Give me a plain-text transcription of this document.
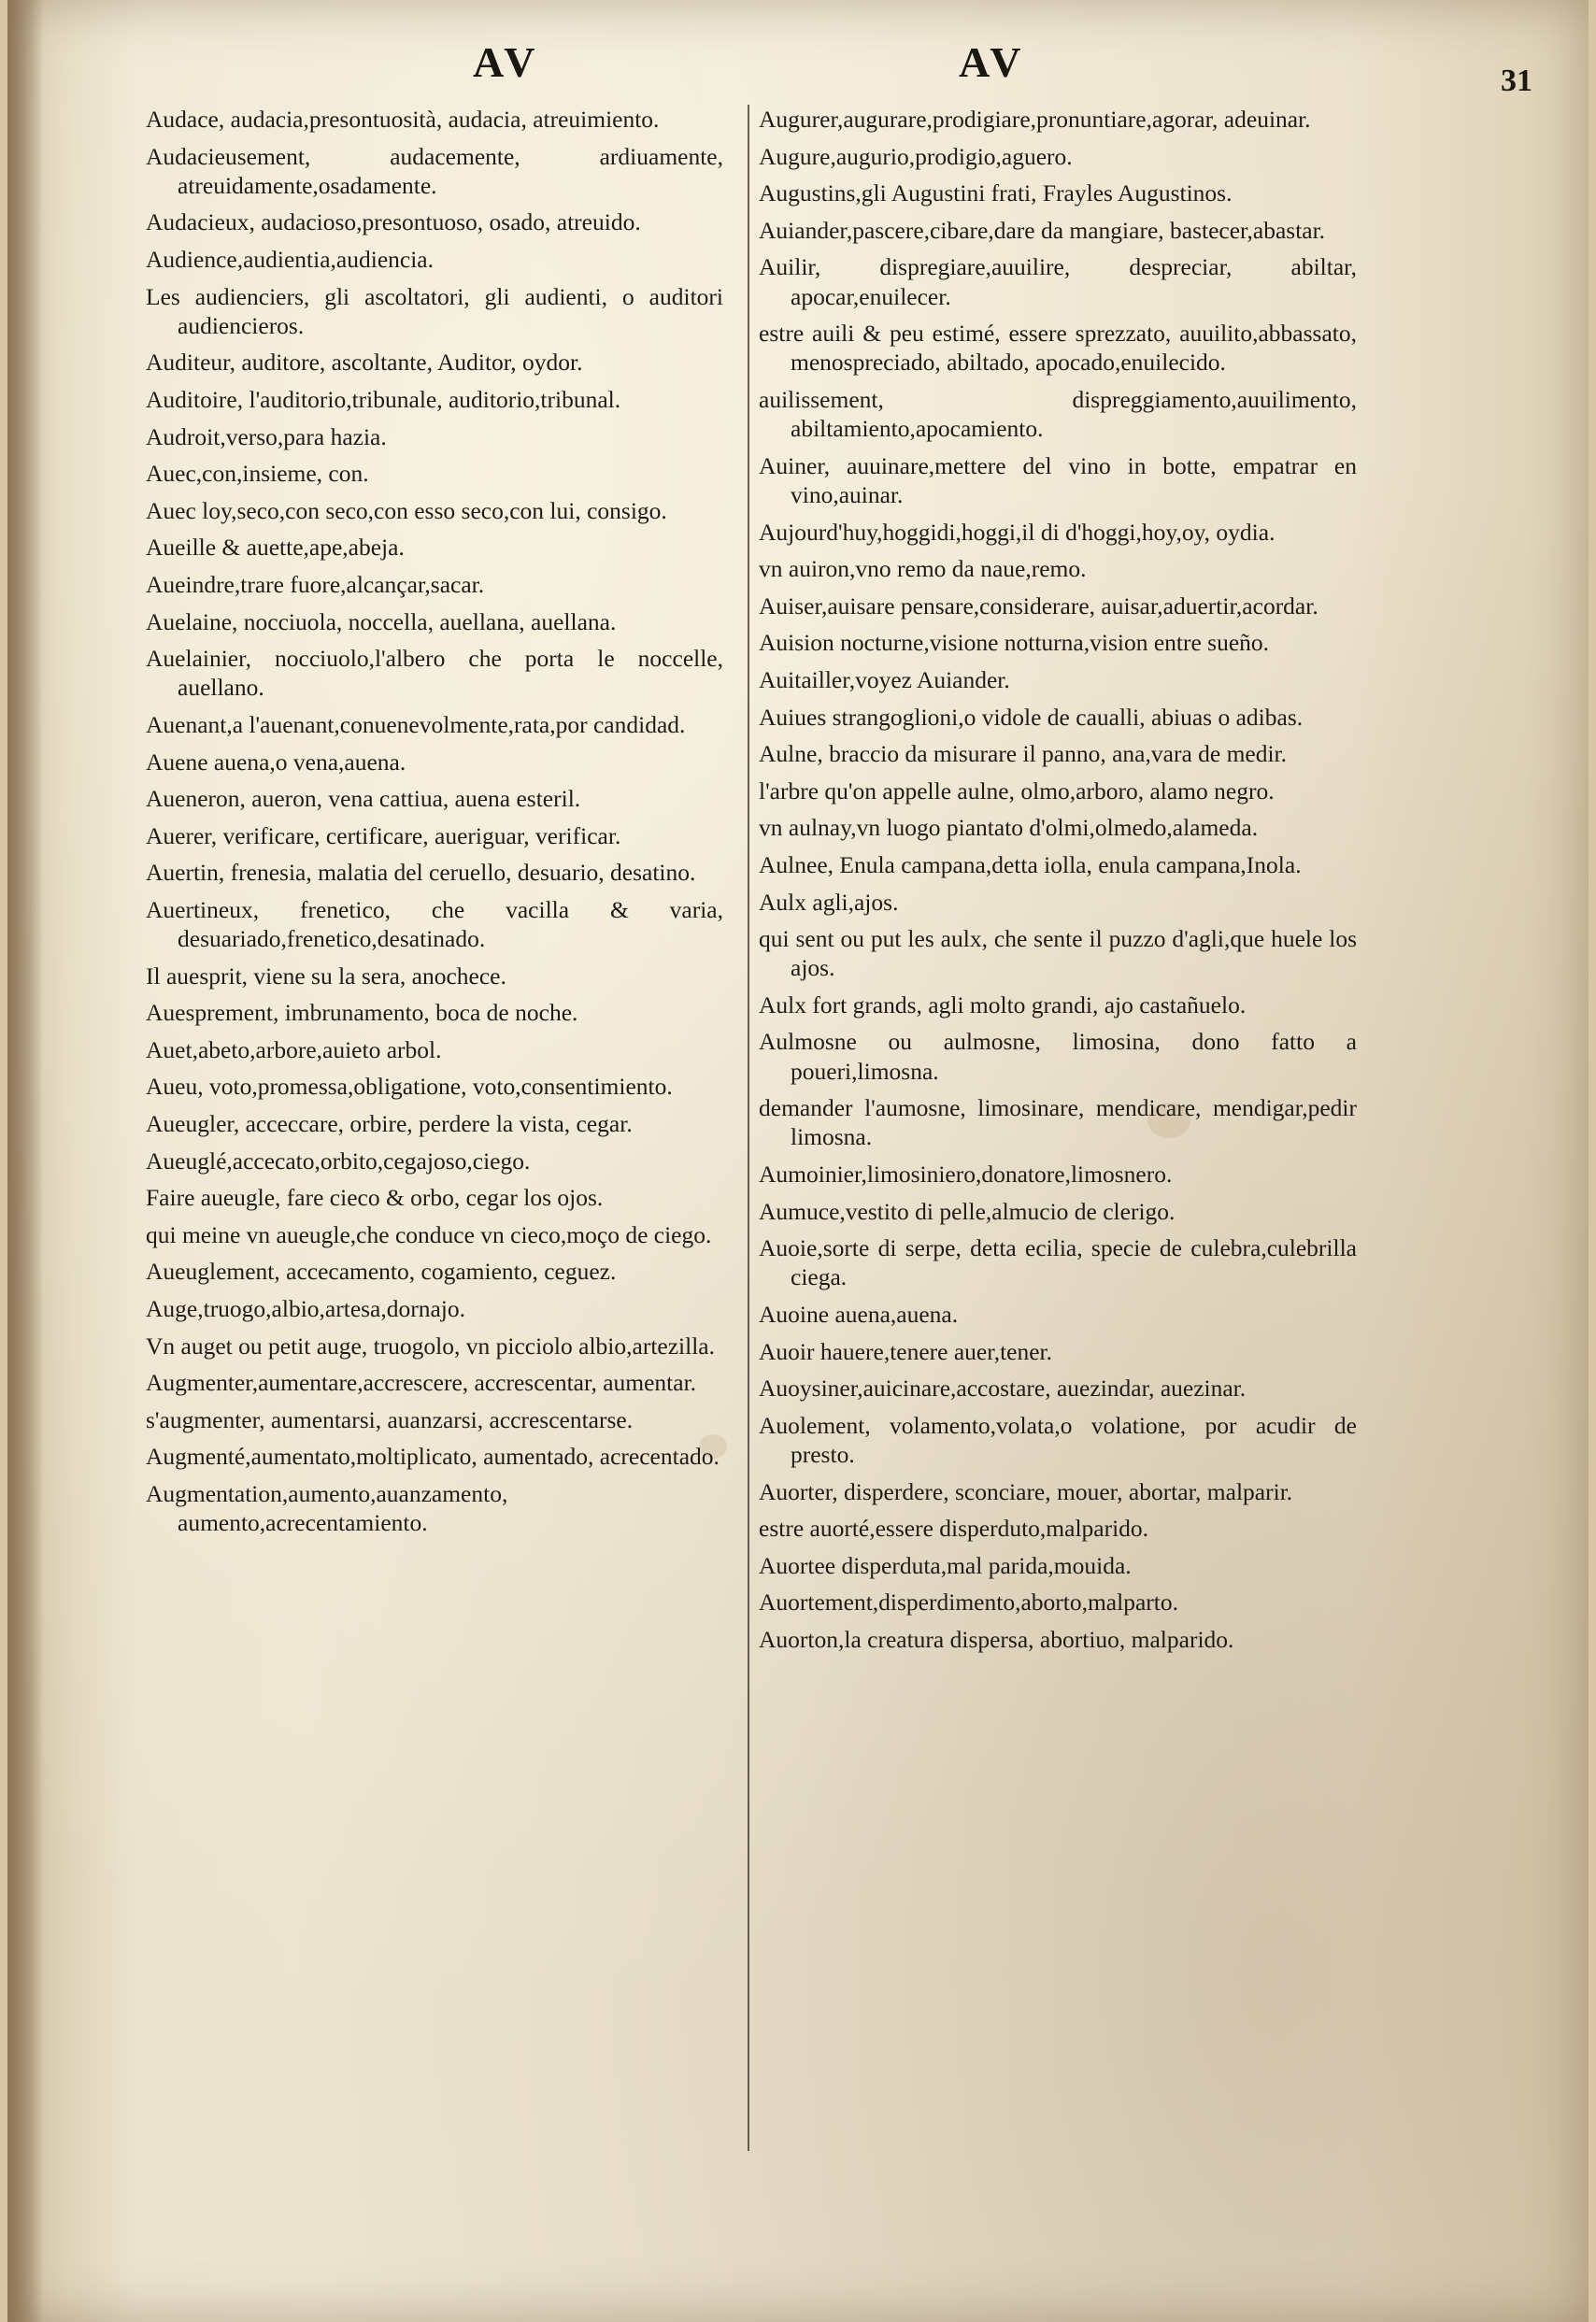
AV	AV	31

Audace, audacia,presontuosità, audacia, atreuimiento.

Audacieusement, audacemente, ardiuamente, atreuidamente,osadamente.

Audacieux, audacioso,presontuoso, osado, atreuido.

Audience,audientia,audiencia.

Les audienciers, gli ascoltatori, gli audienti, o auditori audiencieros.

Auditeur, auditore, ascoltante, Auditor, oydor.

Auditoire, l'auditorio,tribunale, auditorio,tribunal.

Audroit,verso,para hazia.

Auec,con,insieme, con.

Auec loy,seco,con seco,con esso seco,con lui, consigo.

Aueille & auette,ape,abeja.

Aueindre,trare fuore,alcançar,sacar.

Auelaine, nocciuola, noccella, auellana, auellana.

Auelainier, nocciuolo,l'albero che porta le noccelle, auellano.

Auenant,a l'auenant,conuenevolmente,rata,por candidad.

Auene auena,o vena,auena.

Aueneron, aueron, vena cattiua, auena esteril.

Auerer, verificare, certificare, aueriguar, verificar.

Auertin, frenesia, malatia del ceruello, desuario, desatino.

Auertineux, frenetico, che vacilla & varia, desuariado,frenetico,desatinado.

Il auesprit, viene su la sera, anochece.

Auesprement, imbrunamento, boca de noche.

Auet,abeto,arbore,auieto arbol.

Aueu, voto,promessa,obligatione, voto,consentimiento.

Aueugler, acceccare, orbire, perdere la vista, cegar.

Aueuglé,accecato,orbito,cegajoso,ciego.

Faire aueugle, fare cieco & orbo, cegar los ojos.

qui meine vn aueugle,che conduce vn cieco,moço de ciego.

Aueuglement, accecamento, cogamiento, ceguez.

Auge,truogo,albio,artesa,dornajo.

Vn auget ou petit auge, truogolo, vn picciolo albio,artezilla.

Augmenter,aumentare,accrescere, accrescentar, aumentar.

s'augmenter, aumentarsi, auanzarsi, accrescentarse.

Augmenté,aumentato,moltiplicato, aumentado, acrecentado.

Augmentation,aumento,auanzamento, aumento,acrecentamiento.

Augurer,augurare,prodigiare,pronuntiare,agorar, adeuinar.

Augure,augurio,prodigio,aguero.

Augustins,gli Augustini frati, Frayles Augustinos.

Auiander,pascere,cibare,dare da mangiare, bastecer,abastar.

Auilir, dispregiare,auuilire, despreciar, abiltar, apocar,enuilecer.

estre auili & peu estimé, essere sprezzato, auuilito,abbassato, menospreciado, abiltado, apocado,enuilecido.

auilissement, dispreggiamento,auuilimento, abiltamiento,apocamiento.

Auiner, auuinare,mettere del vino in botte, empatrar en vino,auinar.

Aujourd'huy,hoggidi,hoggi,il di d'hoggi,hoy,oy, oydia.

vn auiron,vno remo da naue,remo.

Auiser,auisare pensare,considerare, auisar,aduertir,acordar.

Auision nocturne,visione notturna,vision entre sueño.

Auitailler,voyez Auiander.

Auiues strangoglioni,o vidole de caualli, abiuas o adibas.

Aulne, braccio da misurare il panno, ana,vara de medir.

l'arbre qu'on appelle aulne, olmo,arboro, alamo negro.

vn aulnay,vn luogo piantato d'olmi,olmedo,alameda.

Aulnee, Enula campana,detta iolla, enula campana,Inola.

Aulx agli,ajos.

qui sent ou put les aulx, che sente il puzzo d'agli,que huele los ajos.

Aulx fort grands, agli molto grandi, ajo castañuelo.

Aulmosne ou aulmosne, limosina, dono fatto a poueri,limosna.

demander l'aumosne, limosinare, mendicare, mendigar,pedir limosna.

Aumoinier,limosiniero,donatore,limosnero.

Aumuce,vestito di pelle,almucio de clerigo.

Auoie,sorte di serpe, detta ecilia, specie de culebra,culebrilla ciega.

Auoine auena,auena.

Auoir hauere,tenere auer,tener.

Auoysiner,auicinare,accostare, auezindar, auezinar.

Auolement, volamento,volata,o volatione, por acudir de presto.

Auorter, disperdere, sconciare, mouer, abortar, malparir.

estre auorté,essere disperduto,malparido.

Auortee disperduta,mal parida,mouida.

Auortement,disperdimento,aborto,malparto.

Auorton,la creatura dispersa, abortiuo, malparido.
